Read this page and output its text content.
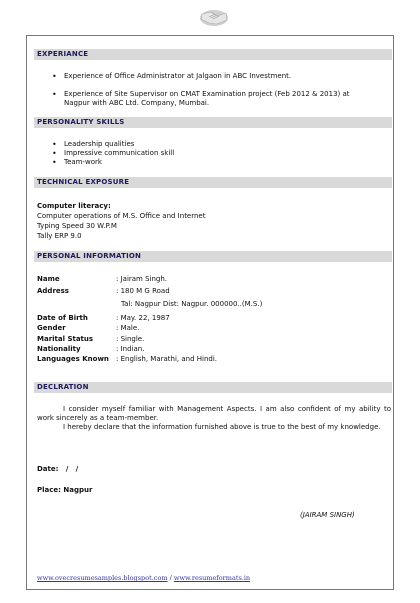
EXPERIANCE
• Experience of Office Administrator at Jalgaon in ABC Investment.
• Experience of Site Supervisor on CMAT Examination project (Feb 2012 & 2013) at
Nagpur with ABC Ltd. Company, Mumbai.
PERSONALITY SKILLS
• Leadership qualities
• Impressive communication skill
• Team-work
TECHNICAL EXPOSURE
Computer literacy:
Computer operations of M.S. Office and Internet
Typing Speed 30 W.P.M
Tally ERP 9.0
PERSONAL INFORMATION
Name	: Jairam Singh.
Address	: 180 M G Road
Tal: Nagpur Dist: Nagpur. 000000..(M.S.)
Date of Birth	: May. 22, 1987
Gender	: Male.
Marital Status	: Single.
Nationality	: Indian.
Languages Known : English, Marathi, and Hindi.
DECLRATION
I consider myself familiar with Management Aspects. I am also confident of my ability to work sincerely as a team-member.
I hereby declare that the information furnished above is true to the best of my knowledge.
Date:   /   /
Place: Nagpur
(JAIRAM SINGH)
www.ovecresumesamples.blogspot.com / www.resumeformats.in
